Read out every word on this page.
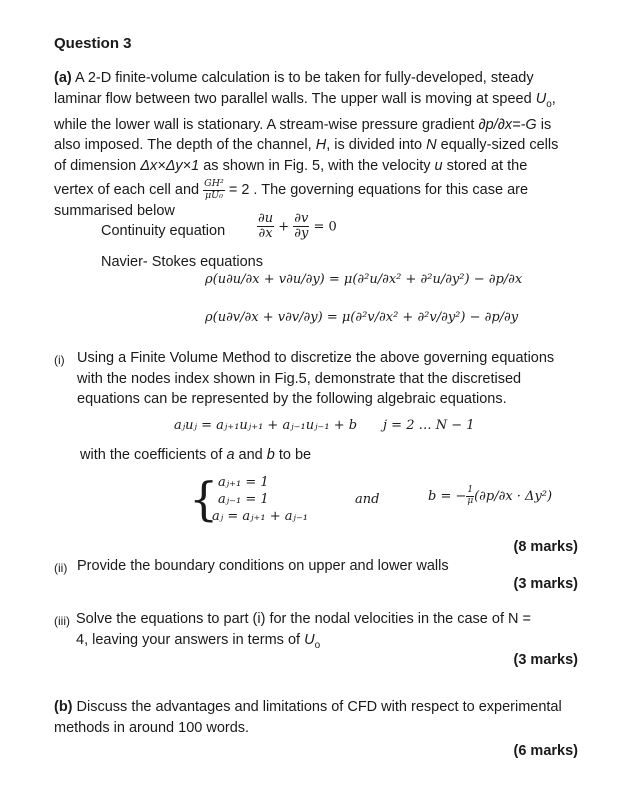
Question 3
(a) A 2-D finite-volume calculation is to be taken for fully-developed, steady
laminar flow between two parallel walls. The upper wall is moving at speed $U_o$,
while the lower wall is stationary. A stream-wise pressure gradient ∂p/∂x=-G is
also imposed. The depth of the channel, H, is divided into N equally-sized cells
of dimension Δx×Δy×1 as shown in Fig. 5, with the velocity u stored at the
vertex of each cell and $\frac{\text{GH²}}{\text{μU₀}} = 2$ . The governing equations for this case are
summarised below
Continuity equation $\frac{\partial u}{\partial x} + \frac{\partial v}{\partial y} = 0$
Navier- Stokes equations
ρ(u∂u/∂x + v∂u/∂y) = μ(∂²u/∂x² + ∂²u/∂y²) − ∂p/∂x
ρ(u∂v/∂x + v∂v/∂y) = μ(∂²v/∂x² + ∂²v/∂y²) − ∂p/∂y
(i) Using a Finite Volume Method to discretize the above governing equations
with the nodes index shown in Fig.5, demonstrate that the discretised
equations can be represented by the following algebraic equations.
aⱼuⱼ = aⱼ₊₁uⱼ₊₁ + aⱼ₋₁uⱼ₋₁ + b j = 2 … N − 1
with the coefficients of a and b to be
{ aⱼ₊₁ = 1
aⱼ₋₁ = 1
aⱼ = aⱼ₊₁ + aⱼ₋₁
and	b = − $\frac{1}{\mu} (\partial p/\partial x \cdot \Delta y^2)$
(8 marks)
(ii) Provide the boundary conditions on upper and lower walls
(3 marks)
(iii) Solve the equations to part (i) for the nodal velocities in the case of N =
4, leaving your answers in terms of $U_o$
(3 marks)
(b) Discuss the advantages and limitations of CFD with respect to experimental
methods in around 100 words.
(6 marks)
